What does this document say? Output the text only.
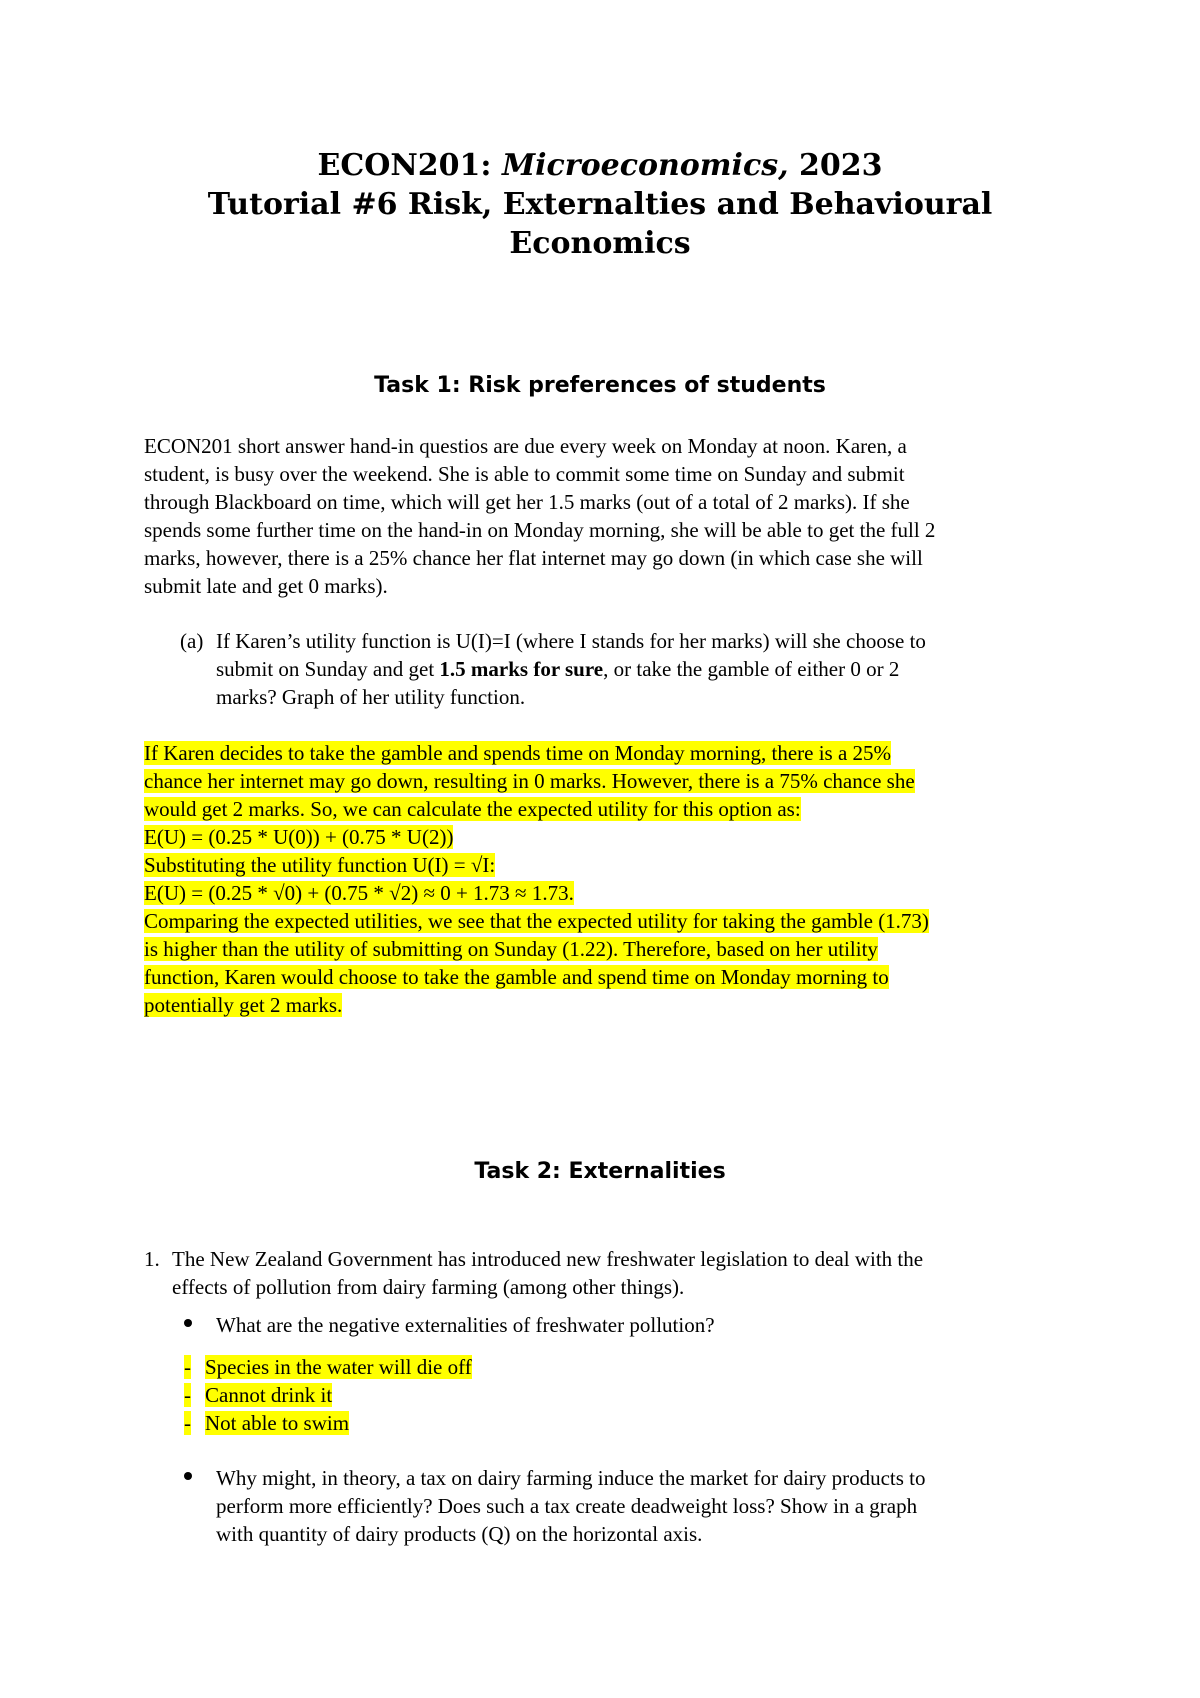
ECON201: Microeconomics, 2023
Tutorial #6 Risk, Externalties and Behavioural
Economics
Task 1: Risk preferences of students
ECON201 short answer hand-in questios are due every week on Monday at noon. Karen, a
student, is busy over the weekend. She is able to commit some time on Sunday and submit
through Blackboard on time, which will get her 1.5 marks (out of a total of 2 marks). If she
spends some further time on the hand-in on Monday morning, she will be able to get the full 2
marks, however, there is a 25% chance her flat internet may go down (in which case she will
submit late and get 0 marks).
(a) If Karen’s utility function is U(I)=I (where I stands for her marks) will she choose to
submit on Sunday and get 1.5 marks for sure, or take the gamble of either 0 or 2
marks? Graph of her utility function.
If Karen decides to take the gamble and spends time on Monday morning, there is a 25%
chance her internet may go down, resulting in 0 marks. However, there is a 75% chance she
would get 2 marks. So, we can calculate the expected utility for this option as:
E(U) = (0.25 * U(0)) + (0.75 * U(2))
Substituting the utility function U(I) = √I:
E(U) = (0.25 * √0) + (0.75 * √2) ≈ 0 + 1.73 ≈ 1.73.
Comparing the expected utilities, we see that the expected utility for taking the gamble (1.73)
is higher than the utility of submitting on Sunday (1.22). Therefore, based on her utility
function, Karen would choose to take the gamble and spend time on Monday morning to
potentially get 2 marks.
Task 2: Externalities
1. The New Zealand Government has introduced new freshwater legislation to deal with the
effects of pollution from dairy farming (among other things).
What are the negative externalities of freshwater pollution?
- Species in the water will die off
- Cannot drink it
- Not able to swim
Why might, in theory, a tax on dairy farming induce the market for dairy products to
perform more efficiently? Does such a tax create deadweight loss? Show in a graph
with quantity of dairy products (Q) on the horizontal axis.
